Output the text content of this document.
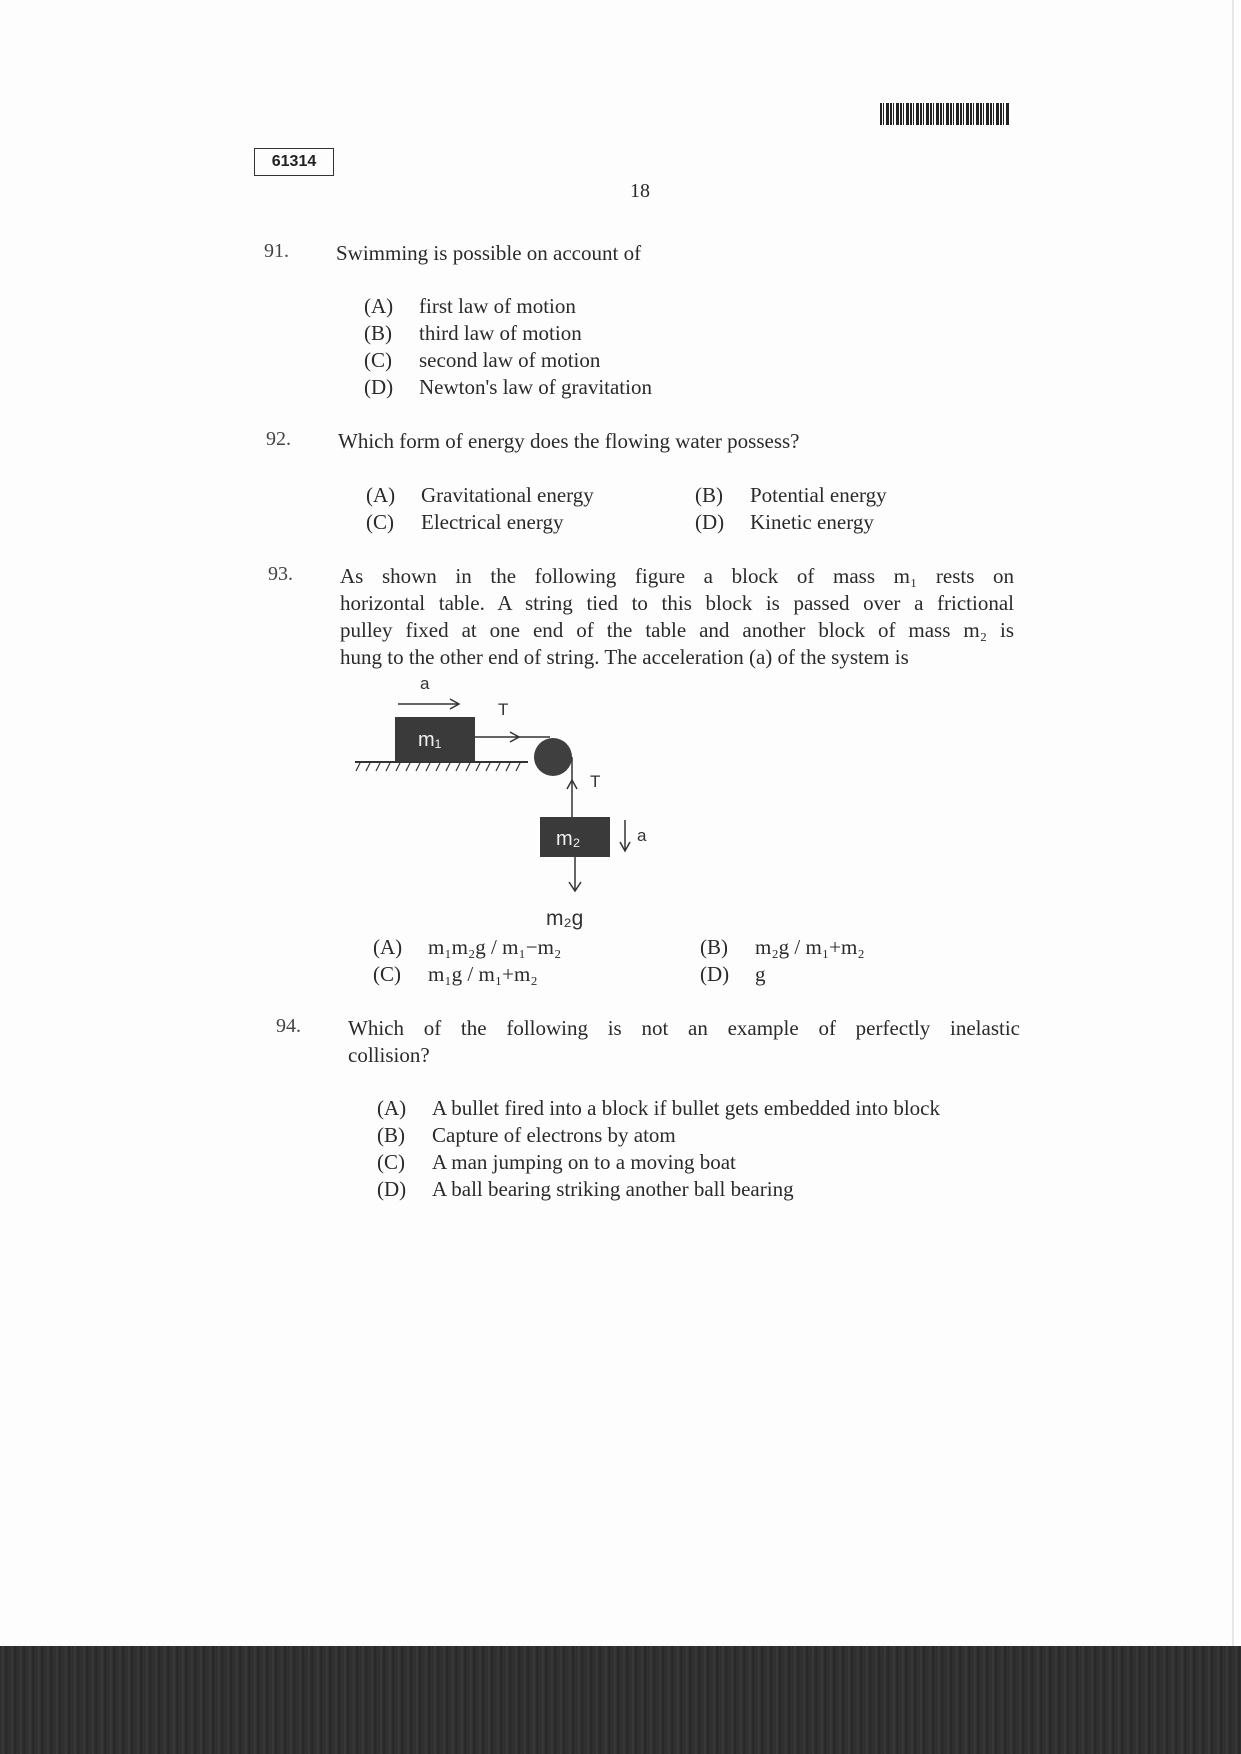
61314
18
91. Swimming is possible on account of
(A) first law of motion
(B) third law of motion
(C) second law of motion
(D) Newton's law of gravitation
92. Which form of energy does the flowing water possess?
(A) Gravitational energy	(B) Potential energy
(C) Electrical energy	(D) Kinetic energy
93. As shown in the following figure a block of mass m₁ rests on
horizontal table. A string tied to this block is passed over a frictional
pulley fixed at one end of the table and another block of mass m₂ is
hung to the other end of string. The acceleration (a) of the system is
a
T
m₁
T
m₂	a
m₂g
(A) m₁m₂g / m₁−m₂	(B) m₂g / m₁+m₂
(C) m₁g / m₁+m₂	(D) g
94. Which of the following is not an example of perfectly inelastic
collision?
(A) A bullet fired into a block if bullet gets embedded into block
(B) Capture of electrons by atom
(C) A man jumping on to a moving boat
(D) A ball bearing striking another ball bearing
